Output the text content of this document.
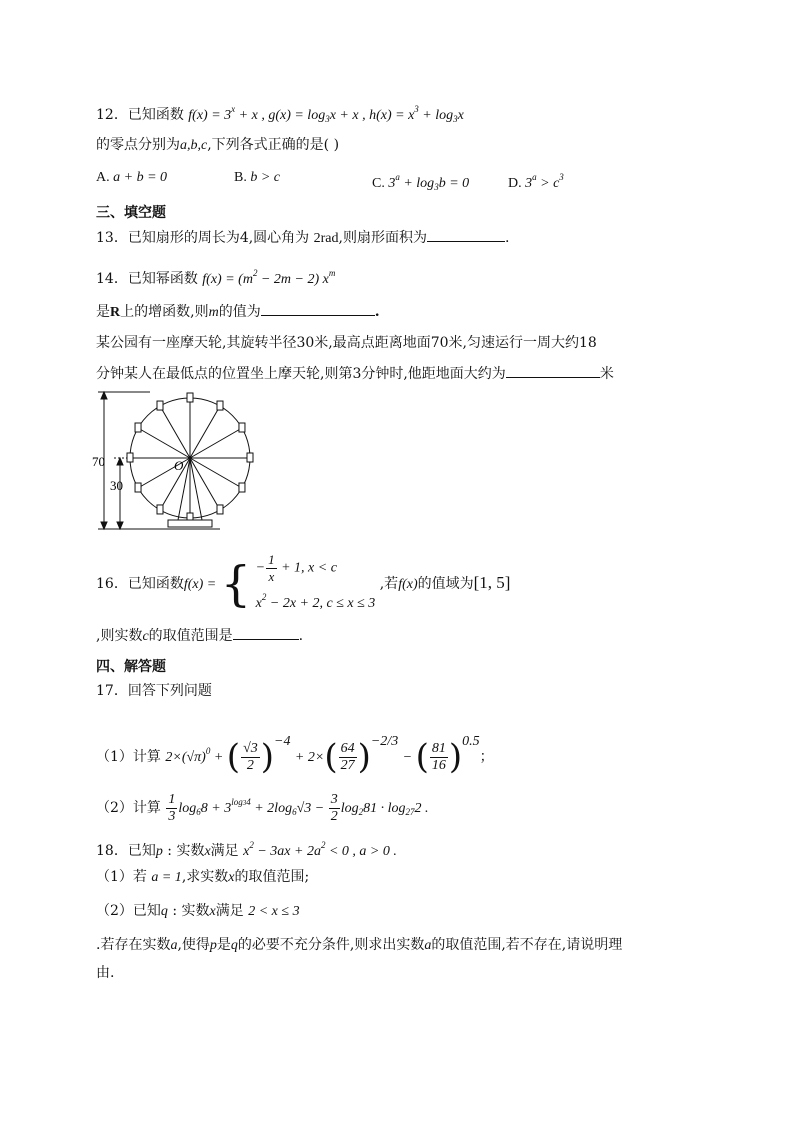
12．已知函数 $f(x) = 3^x + x$ , $g(x) = \log_3x + x$ , $h(x) = x^3 + \log_3x$
的零点分别为a,b,c,下列各式正确的是( )
A. a + b = 0	B. b > c	C. $3^a + \log_3b = 0$	D. $3^a > c^3$
三、填空题
13．已知扇形的周长为4,圆心角为 2rad,则扇形面积为	.
14．已知幂函数 $f(x) = (m^2 - 2m - 2)$ $x^m$
是R上的增函数,则m的值为	.
某公园有一座摩天轮,其旋转半径30米,最高点距离地面70米,匀速运行一周大约18
分钟某人在最低点的位置坐上摩天轮,则第3分钟时,他距地面大约为	米
70
30
O
16．已知函数f(x) = { − $\frac{1}{x} + 1$, x < c
$x^2 - 2x + 2$, c ≤ x ≤ 3
,若f(x)的值域为[1, 5]
,则实数c的取值范围是	.
四、解答题
17．回答下列问题
（1）计算 $2\times(√\pi)^0$ + ( $\frac{√3}{2} )^{-4} + 2\times( \frac{64}{27} )^{-2/3}$ − ( $\frac{81}{16} )^{0.5}$；
（2）计算 $\frac{1}{3} \log_68 + 3^{log34} + 2\log_6√3 - \frac{3}{2} \log_281 \cdot \log_{27}2$ .
18．已知p : 实数x满足 $x^2 - 3ax + 2a^2 < 0$ , a > 0 .
（1）若 a = 1,求实数x的取值范围;
（2）已知q : 实数x满足 2 < x ≤ 3
.若存在实数a,使得p是q的必要不充分条件,则求出实数a的取值范围,若不存在,请说明理
由.
